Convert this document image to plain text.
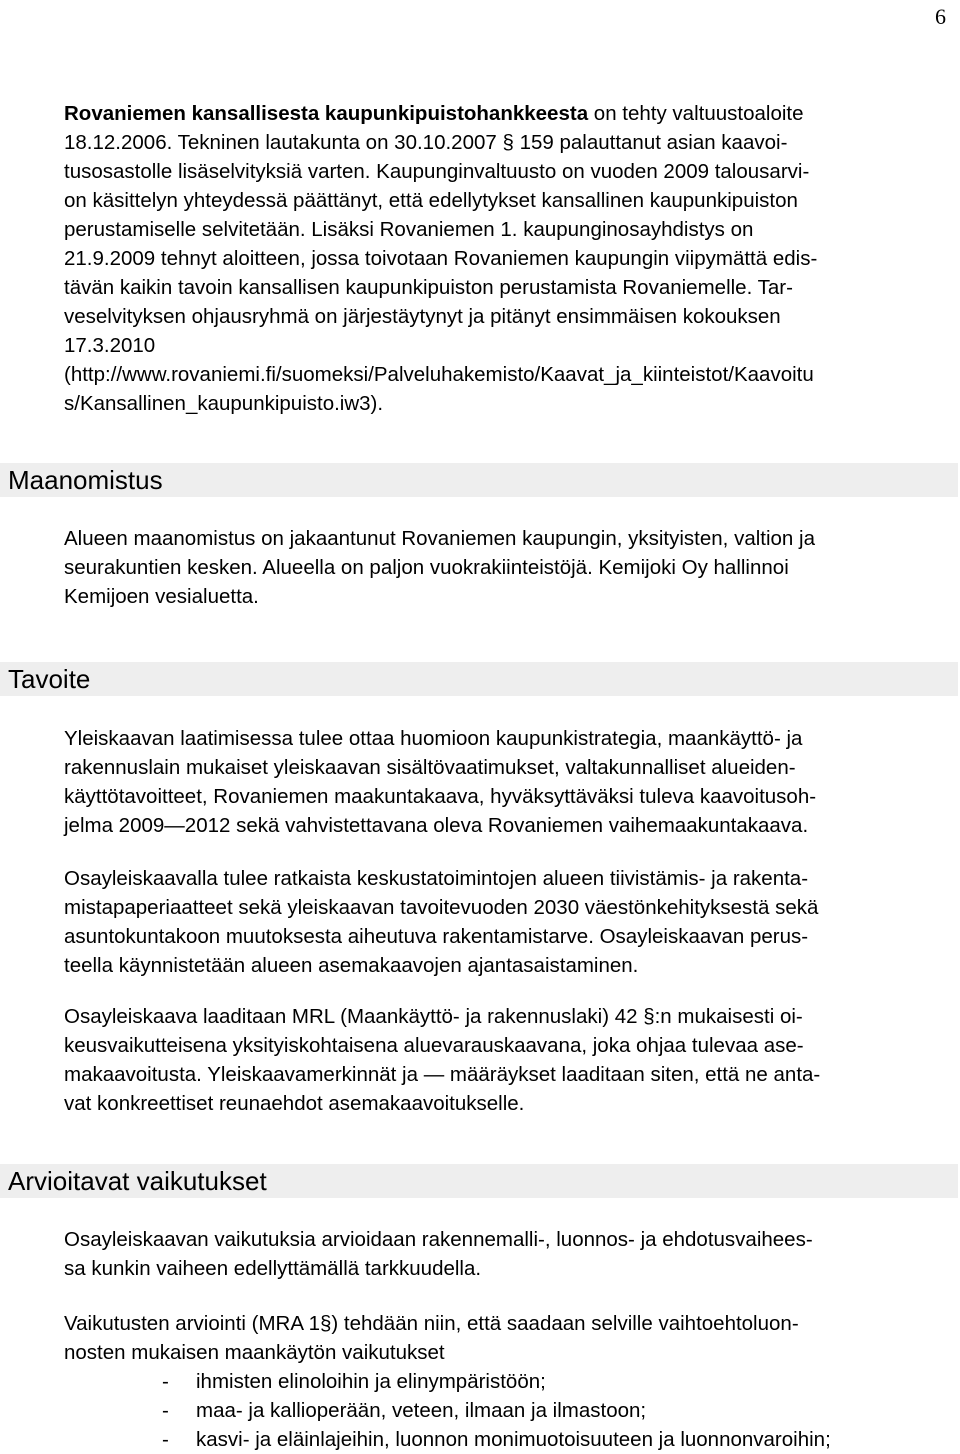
6
Rovaniemen kansallisesta kaupunkipuistohankkeesta on tehty valtuustoaloite
18.12.2006. Tekninen lautakunta on 30.10.2007 § 159 palauttanut asian kaavoi-
tusosastolle lisäselvityksiä varten. Kaupunginvaltuusto on vuoden 2009 talousarvi-
on käsittelyn yhteydessä päättänyt, että edellytykset kansallinen kaupunkipuiston
perustamiselle selvitetään. Lisäksi Rovaniemen 1. kaupunginosayhdistys on
21.9.2009 tehnyt aloitteen, jossa toivotaan Rovaniemen kaupungin viipymättä edis-
tävän kaikin tavoin kansallisen kaupunkipuiston perustamista Rovaniemelle. Tar-
veselvityksen ohjausryhmä on järjestäytynyt ja pitänyt ensimmäisen kokouksen
17.3.2010
(http://www.rovaniemi.fi/suomeksi/Palveluhakemisto/Kaavat_ja_kiinteistot/Kaavoitu
s/Kansallinen_kaupunkipuisto.iw3).
Maanomistus
Alueen maanomistus on jakaantunut Rovaniemen kaupungin, yksityisten, valtion ja
seurakuntien kesken. Alueella on paljon vuokrakiinteistöjä. Kemijoki Oy hallinnoi
Kemijoen vesialuetta.
Tavoite
Yleiskaavan laatimisessa tulee ottaa huomioon kaupunkistrategia, maankäyttö- ja
rakennuslain mukaiset yleiskaavan sisältövaatimukset, valtakunnalliset alueiden-
käyttötavoitteet, Rovaniemen maakuntakaava, hyväksyttäväksi tuleva kaavoitusoh-
jelma 2009—2012 sekä vahvistettavana oleva Rovaniemen vaihemaakuntakaava.
Osayleiskaavalla tulee ratkaista keskustatoimintojen alueen tiivistämis- ja rakenta-
mistapaperiaatteet sekä yleiskaavan tavoitevuoden 2030 väestönkehityksestä sekä
asuntokuntakoon muutoksesta aiheutuva rakentamistarve. Osayleiskaavan perus-
teella käynnistetään alueen asemakaavojen ajantasaistaminen.
Osayleiskaava laaditaan MRL (Maankäyttö- ja rakennuslaki) 42 §:n mukaisesti oi-
keusvaikutteisena yksityiskohtaisena aluevarauskaavana, joka ohjaa tulevaa ase-
makaavoitusta. Yleiskaavamerkinnät ja — määräykset laaditaan siten, että ne anta-
vat konkreettiset reunaehdot asemakaavoitukselle.
Arvioitavat vaikutukset
Osayleiskaavan vaikutuksia arvioidaan rakennemalli-, luonnos- ja ehdotusvaihees-
sa kunkin vaiheen edellyttämällä tarkkuudella.
Vaikutusten arviointi (MRA 1§) tehdään niin, että saadaan selville vaihtoehtoluon-
nosten mukaisen maankäytön vaikutukset
- ihmisten elinoloihin ja elinympäristöön;
- maa- ja kallioperään, veteen, ilmaan ja ilmastoon;
- kasvi- ja eläinlajeihin, luonnon monimuotoisuuteen ja luonnonvaroihin;
